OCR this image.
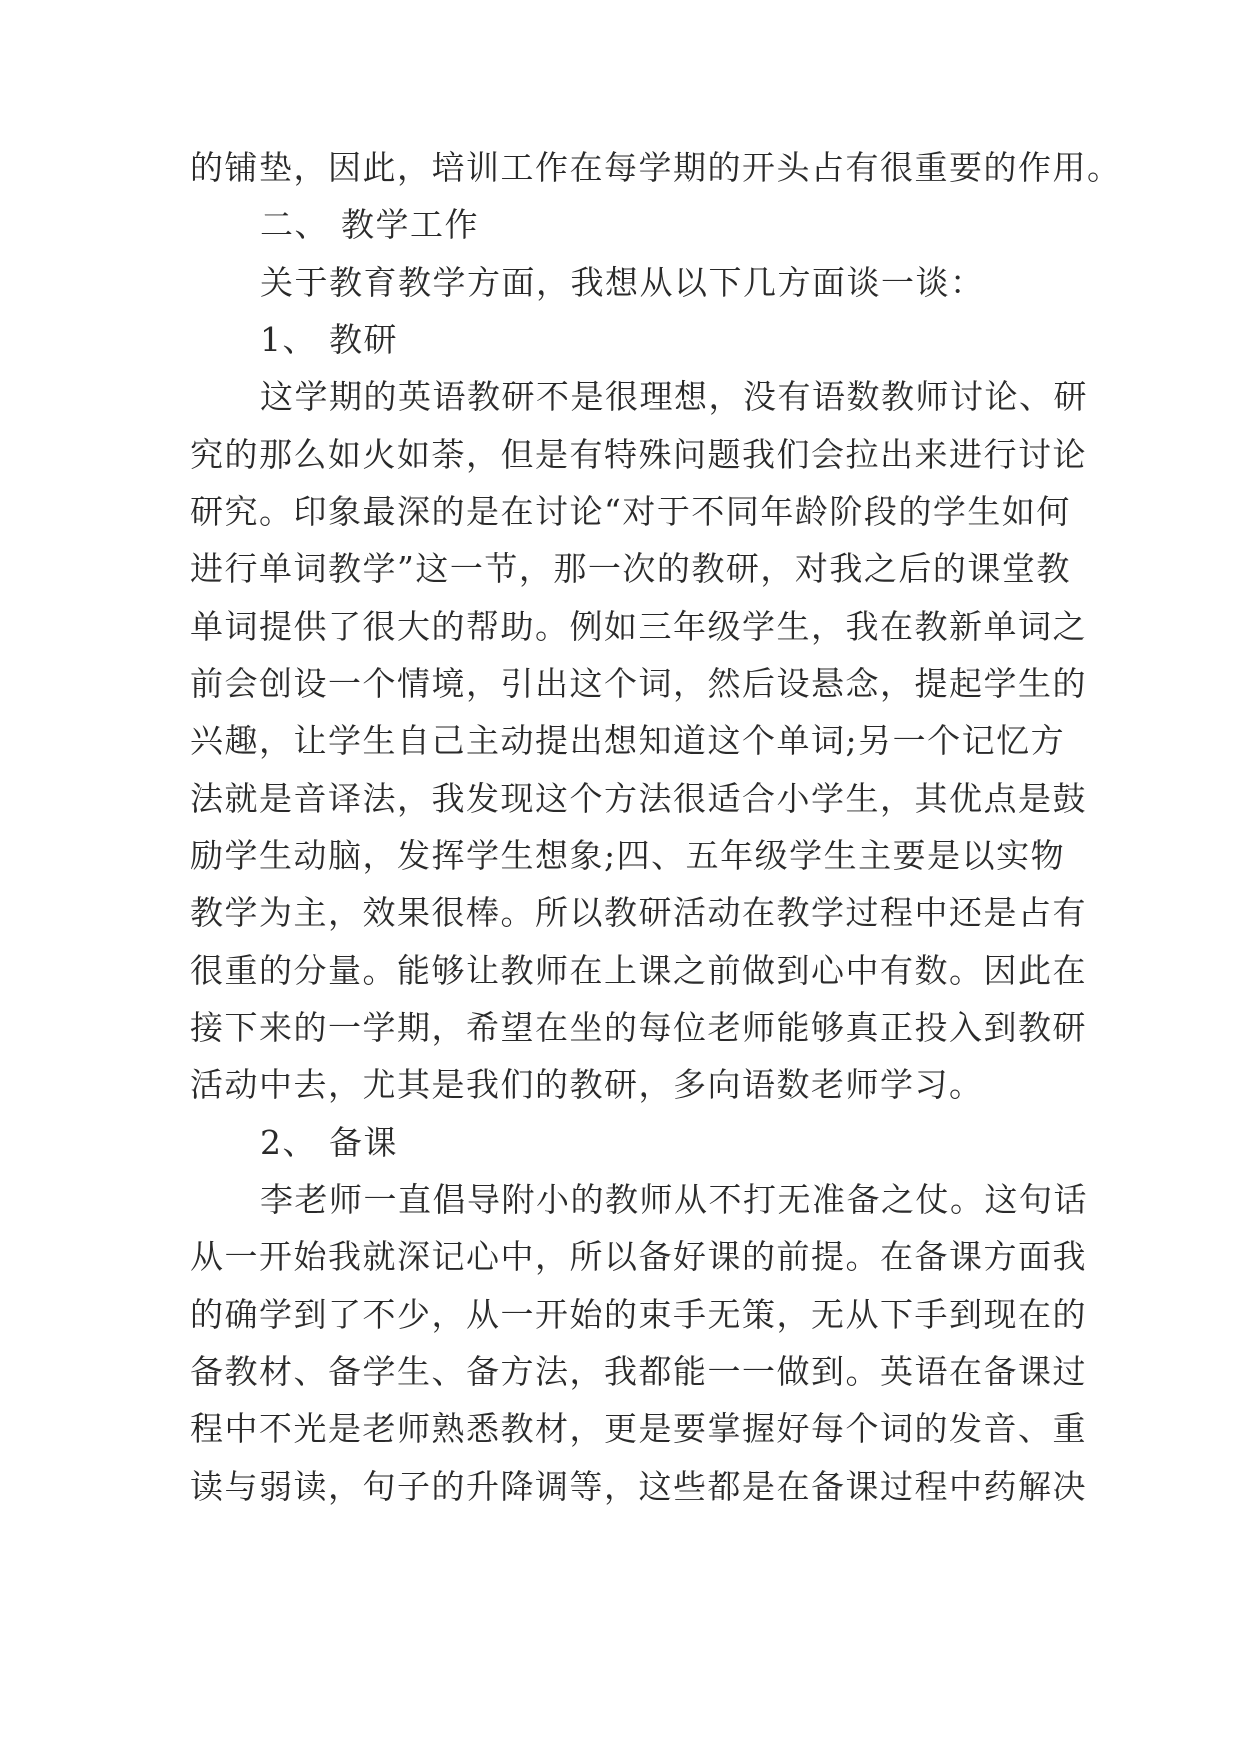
的铺垫，因此，培训工作在每学期的开头占有很重要的作用。
二、 教学工作
关于教育教学方面，我想从以下几方面谈一谈：
1、 教研
这学期的英语教研不是很理想，没有语数教师讨论、研
究的那么如火如荼，但是有特殊问题我们会拉出来进行讨论
研究。印象最深的是在讨论“对于不同年龄阶段的学生如何
进行单词教学”这一节，那一次的教研，对我之后的课堂教
单词提供了很大的帮助。例如三年级学生，我在教新单词之
前会创设一个情境，引出这个词，然后设悬念，提起学生的
兴趣，让学生自己主动提出想知道这个单词;另一个记忆方
法就是音译法，我发现这个方法很适合小学生，其优点是鼓
励学生动脑，发挥学生想象;四、五年级学生主要是以实物
教学为主，效果很棒。所以教研活动在教学过程中还是占有
很重的分量。能够让教师在上课之前做到心中有数。因此在
接下来的一学期，希望在坐的每位老师能够真正投入到教研
活动中去，尤其是我们的教研，多向语数老师学习。
2、 备课
李老师一直倡导附小的教师从不打无准备之仗。这句话
从一开始我就深记心中，所以备好课的前提。在备课方面我
的确学到了不少，从一开始的束手无策，无从下手到现在的
备教材、备学生、备方法，我都能一一做到。英语在备课过
程中不光是老师熟悉教材，更是要掌握好每个词的发音、重
读与弱读，句子的升降调等，这些都是在备课过程中药解决
